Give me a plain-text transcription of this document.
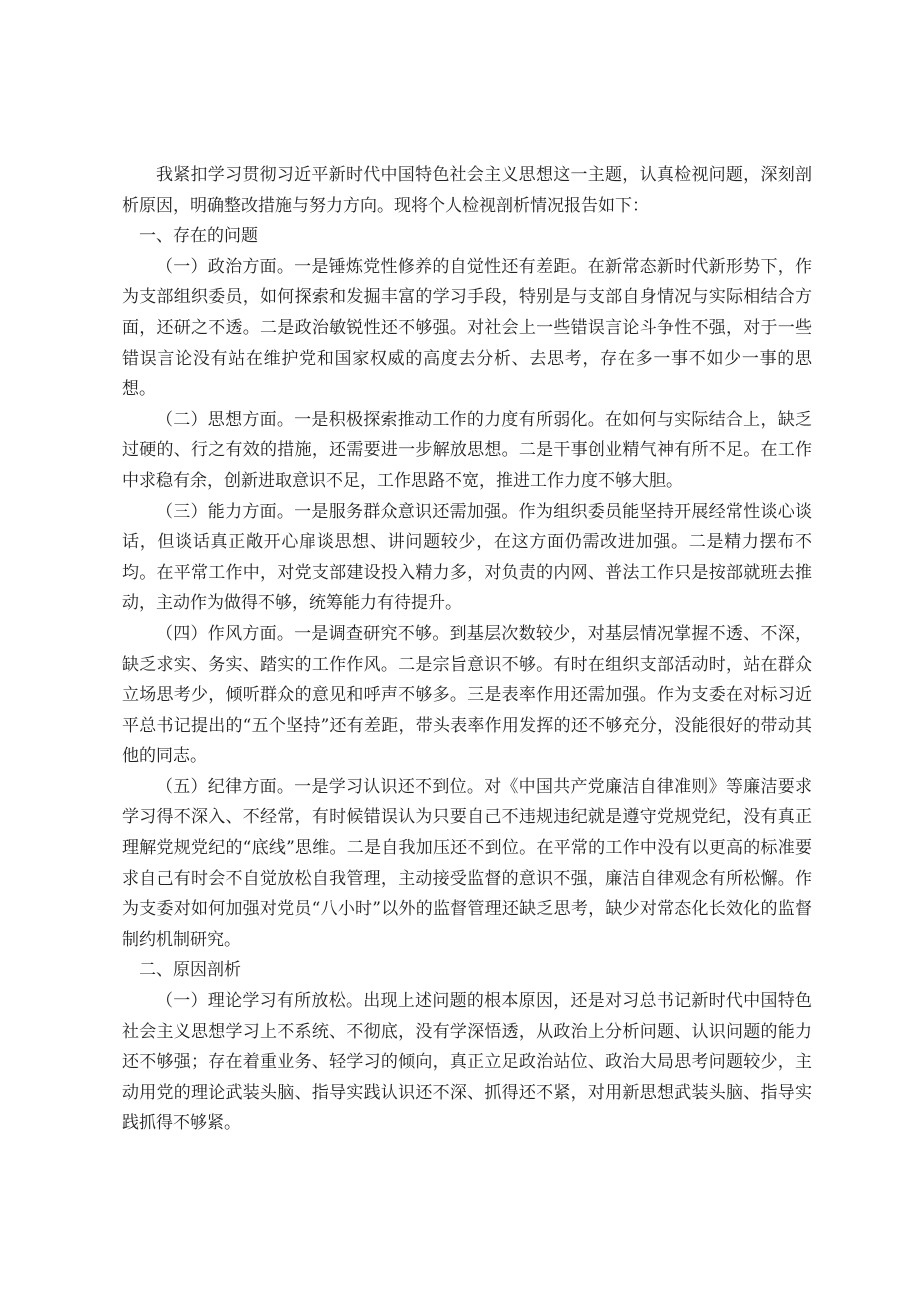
我紧扣学习贯彻习近平新时代中国特色社会主义思想这一主题，认真检视问题，深刻剖析原因，明确整改措施与努力方向。现将个人检视剖析情况报告如下：

一、存在的问题

（一）政治方面。一是锤炼党性修养的自觉性还有差距。在新常态新时代新形势下，作为支部组织委员，如何探索和发掘丰富的学习手段，特别是与支部自身情况与实际相结合方面，还研之不透。二是政治敏锐性还不够强。对社会上一些错误言论斗争性不强，对于一些错误言论没有站在维护党和国家权威的高度去分析、去思考，存在多一事不如少一事的思想。

（二）思想方面。一是积极探索推动工作的力度有所弱化。在如何与实际结合上，缺乏过硬的、行之有效的措施，还需要进一步解放思想。二是干事创业精气神有所不足。在工作中求稳有余，创新进取意识不足，工作思路不宽，推进工作力度不够大胆。

（三）能力方面。一是服务群众意识还需加强。作为组织委员能坚持开展经常性谈心谈话，但谈话真正敞开心扉谈思想、讲问题较少，在这方面仍需改进加强。二是精力摆布不均。在平常工作中，对党支部建设投入精力多，对负责的内网、普法工作只是按部就班去推动，主动作为做得不够，统筹能力有待提升。

（四）作风方面。一是调查研究不够。到基层次数较少，对基层情况掌握不透、不深，缺乏求实、务实、踏实的工作作风。二是宗旨意识不够。有时在组织支部活动时，站在群众立场思考少，倾听群众的意见和呼声不够多。三是表率作用还需加强。作为支委在对标习近平总书记提出的“五个坚持”还有差距，带头表率作用发挥的还不够充分，没能很好的带动其他的同志。

（五）纪律方面。一是学习认识还不到位。对《中国共产党廉洁自律准则》等廉洁要求学习得不深入、不经常，有时候错误认为只要自己不违规违纪就是遵守党规党纪，没有真正理解党规党纪的“底线”思维。二是自我加压还不到位。在平常的工作中没有以更高的标准要求自己有时会不自觉放松自我管理，主动接受监督的意识不强，廉洁自律观念有所松懈。作为支委对如何加强对党员“八小时”以外的监督管理还缺乏思考，缺少对常态化长效化的监督制约机制研究。

二、原因剖析

（一）理论学习有所放松。出现上述问题的根本原因，还是对习总书记新时代中国特色社会主义思想学习上不系统、不彻底，没有学深悟透，从政治上分析问题、认识问题的能力还不够强；存在着重业务、轻学习的倾向，真正立足政治站位、政治大局思考问题较少，主动用党的理论武装头脑、指导实践认识还不深、抓得还不紧，对用新思想武装头脑、指导实践抓得不够紧。
